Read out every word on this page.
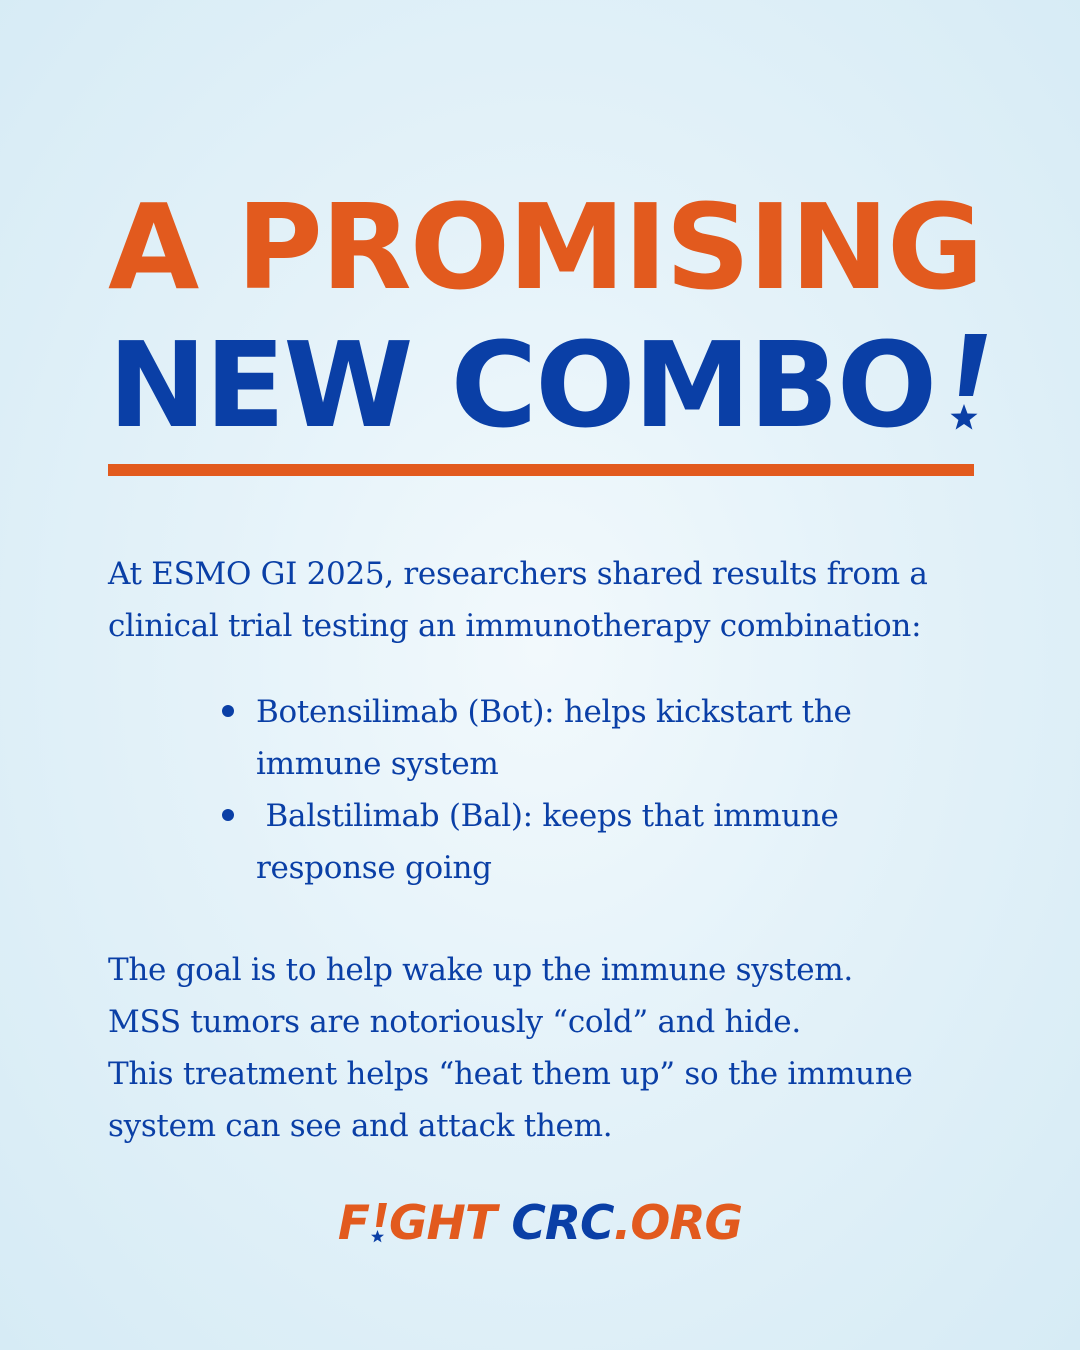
A PROMISING
NEW COMBO

At ESMO GI 2025, researchers shared results from a
clinical trial testing an immunotherapy combination:

Botensilimab (Bot): helps kickstart the
immune system
Balstilimab (Bal): keeps that immune
response going

The goal is to help wake up the immune system.
MSS tumors are notoriously “cold” and hide.
This treatment helps “heat them up” so the immune
system can see and attack them.

F GHT CRC.ORG
